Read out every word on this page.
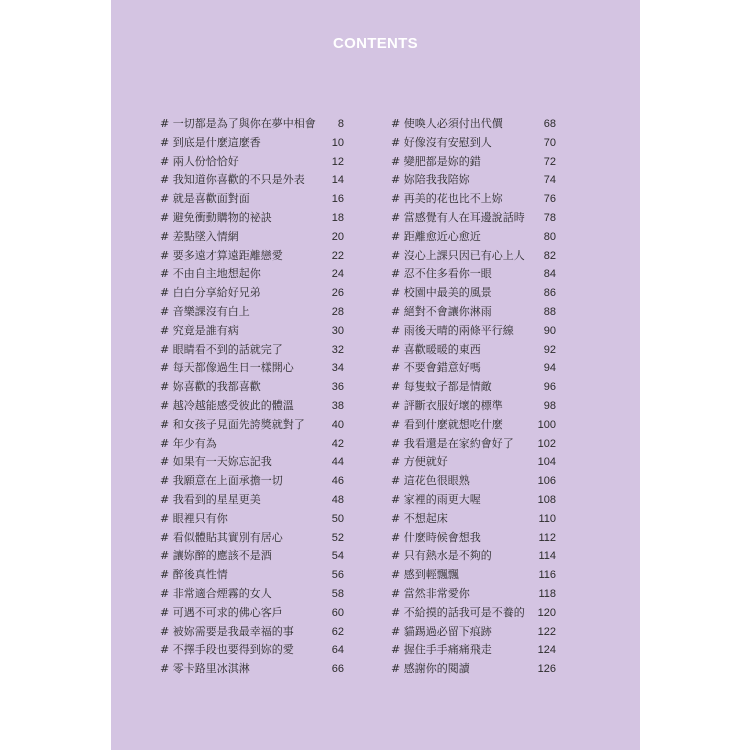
CONTENTS
# 一切都是為了與你在夢中相會 8
# 到底是什麼這麼香	10
# 兩人份恰恰好	12
# 我知道你喜歡的不只是外表 14
# 就是喜歡面對面	16
# 避免衝動購物的祕訣	18
# 差點墜入情網	20
# 要多遠才算遠距離戀愛	22
# 不由自主地想起你	24
# 白白分享給好兄弟	26
# 音樂課沒有白上	28
# 究竟是誰有病	30
# 眼睛看不到的話就完了	32
# 每天都像過生日一樣開心	34
# 妳喜歡的我都喜歡	36
# 越冷越能感受彼此的體溫	38
# 和女孩子見面先誇獎就對了 40
# 年少有為	42
# 如果有一天妳忘記我	44
# 我願意在上面承擔一切	46
# 我看到的星星更美	48
# 眼裡只有你	50
# 看似體貼其實別有居心	52
# 讓妳醉的應該不是酒	54
# 醉後真性情	56
# 非常適合煙霧的女人	58
# 可遇不可求的佛心客戶	60
# 被妳需要是我最幸福的事	62
# 不擇手段也要得到妳的愛	64
# 零卡路里冰淇淋	66
# 使喚人必須付出代價	68
# 好像沒有安慰到人	70
# 變肥都是妳的錯	72
# 妳陪我我陪妳	74
# 再美的花也比不上妳	76
# 當感覺有人在耳邊說話時 78
# 距離愈近心愈近	80
# 沒心上課只因已有心上人 82
# 忍不住多看你一眼	84
# 校園中最美的風景	86
# 絕對不會讓你淋雨	88
# 雨後天晴的兩條平行線	90
# 喜歡暖暖的東西	92
# 不要會錯意好嗎	94
# 每隻蚊子都是情敵	96
# 評斷衣服好壞的標準	98
# 看到什麼就想吃什麼	100
# 我看還是在家約會好了 102
# 方便就好	104
# 這花色很眼熟	106
# 家裡的雨更大喔	108
# 不想起床	110
# 什麼時候會想我	112
# 只有熱水是不夠的	114
# 感到輕飄飄	116
# 當然非常愛你	118
# 不給摸的話我可是不養的 120
# 貓踢過必留下痕跡	122
# 握住手手痛痛飛走	124
# 感謝你的閱讀	126
